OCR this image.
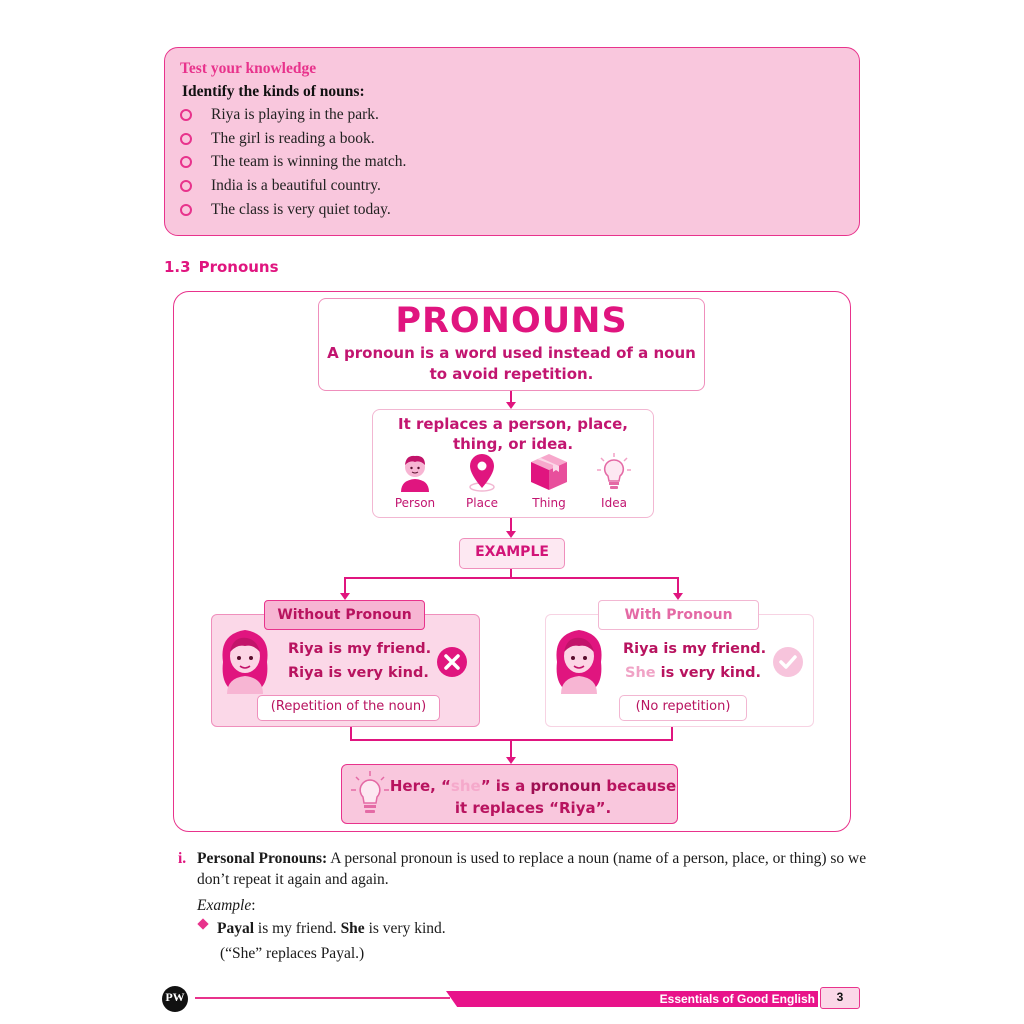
Test your knowledge
Identify the kinds of nouns:
Riya is playing in the park.
The girl is reading a book.
The team is winning the match.
India is a beautiful country.
The class is very quiet today.
1.3 Pronouns
PRONOUNS
A pronoun is a word used instead of a noun
to avoid repetition.
It replaces a person, place,
thing, or idea.
Person	Place	Thing	Idea
EXAMPLE
Without Pronoun
Riya is my friend.
Riya is very kind.
(Repetition of the noun)
With Pronoun
Riya is my friend.
She is very kind.
(No repetition)
Here, “she” is a pronoun because
it replaces “Riya”.
i. Personal Pronouns: A personal pronoun is used to replace a noun (name of a person, place, or thing) so we don’t repeat it again and again.
Example:
Payal is my friend. She is very kind.
(“She” replaces Payal.)
PW	Essentials of Good English	3
